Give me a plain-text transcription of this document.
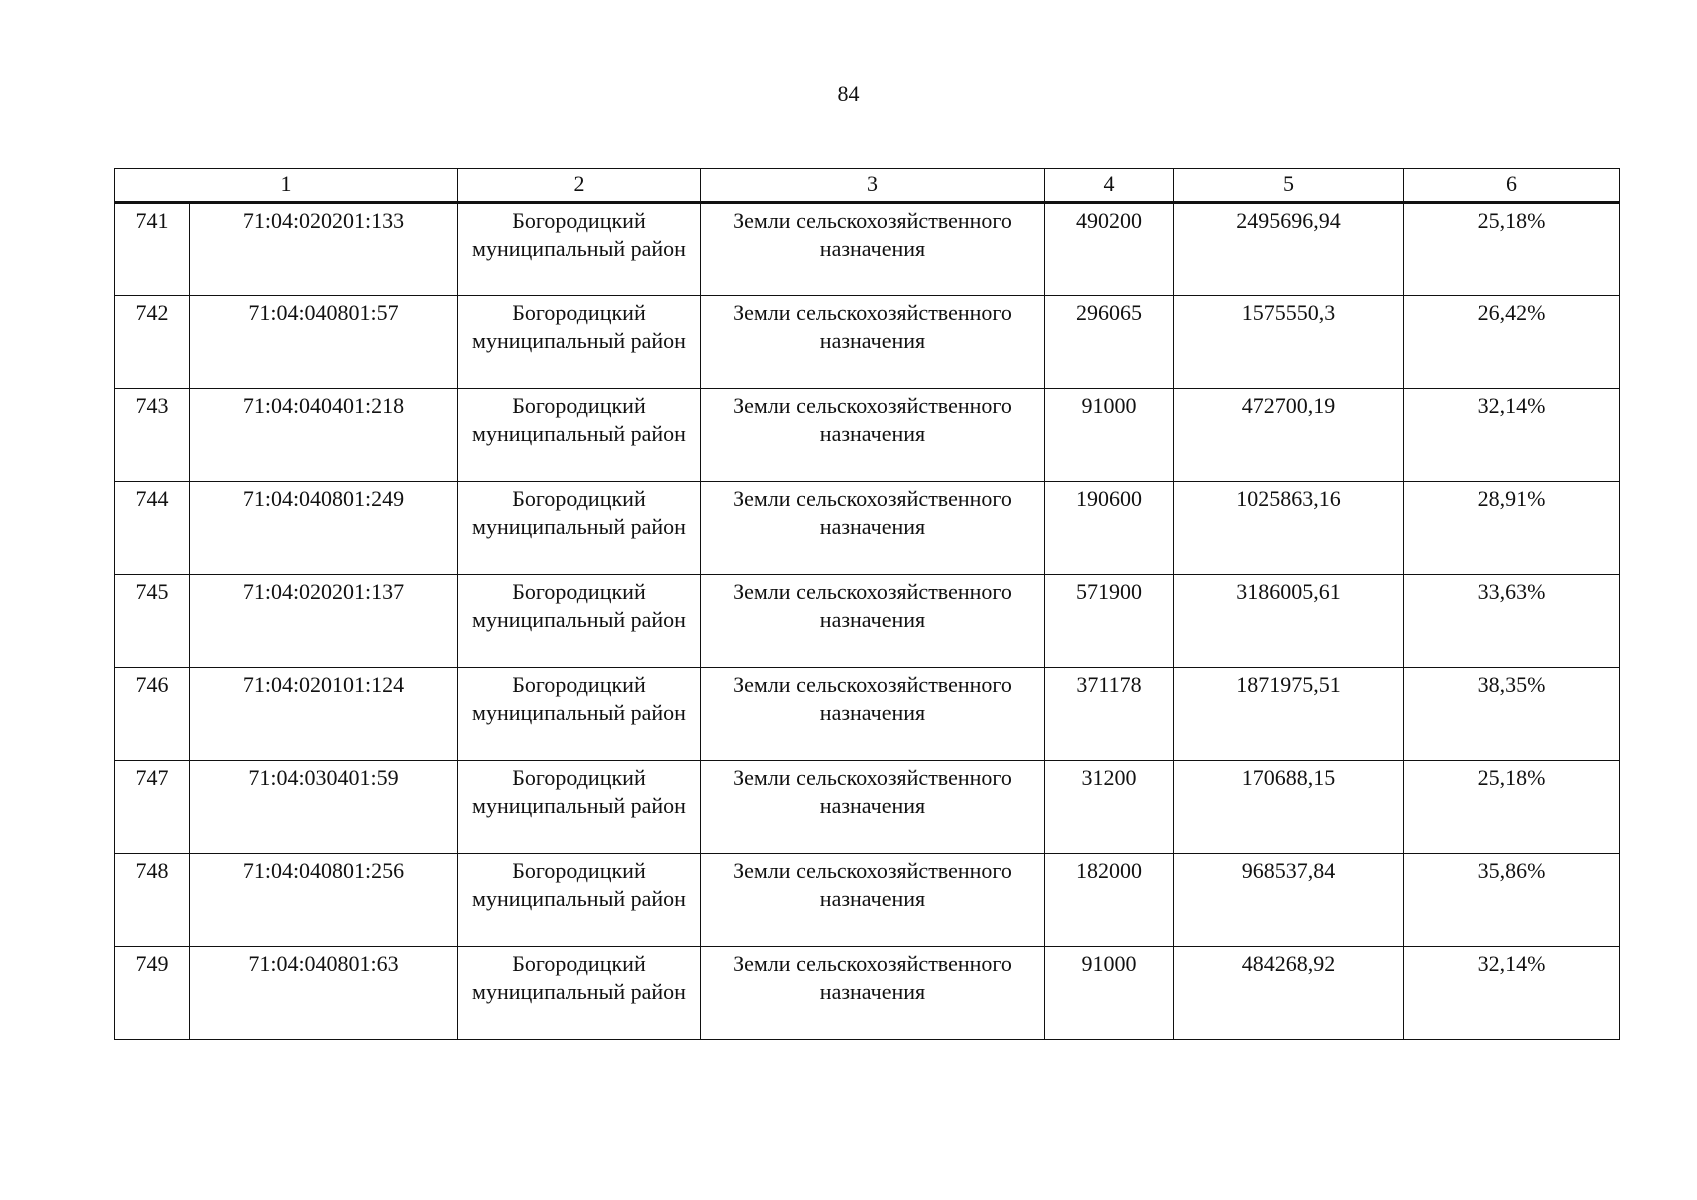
84
1		2	3	4	5	6
741	71:04:020201:133	Богородицкий муниципальный район	Земли сельскохозяйственного назначения	490200	2495696,94	25,18%
742	71:04:040801:57	Богородицкий муниципальный район	Земли сельскохозяйственного назначения	296065	1575550,3	26,42%
743	71:04:040401:218	Богородицкий муниципальный район	Земли сельскохозяйственного назначения	91000	472700,19	32,14%
744	71:04:040801:249	Богородицкий муниципальный район	Земли сельскохозяйственного назначения	190600	1025863,16	28,91%
745	71:04:020201:137	Богородицкий муниципальный район	Земли сельскохозяйственного назначения	571900	3186005,61	33,63%
746	71:04:020101:124	Богородицкий муниципальный район	Земли сельскохозяйственного назначения	371178	1871975,51	38,35%
747	71:04:030401:59	Богородицкий муниципальный район	Земли сельскохозяйственного назначения	31200	170688,15	25,18%
748	71:04:040801:256	Богородицкий муниципальный район	Земли сельскохозяйственного назначения	182000	968537,84	35,86%
749	71:04:040801:63	Богородицкий муниципальный район	Земли сельскохозяйственного назначения	91000	484268,92	32,14%
